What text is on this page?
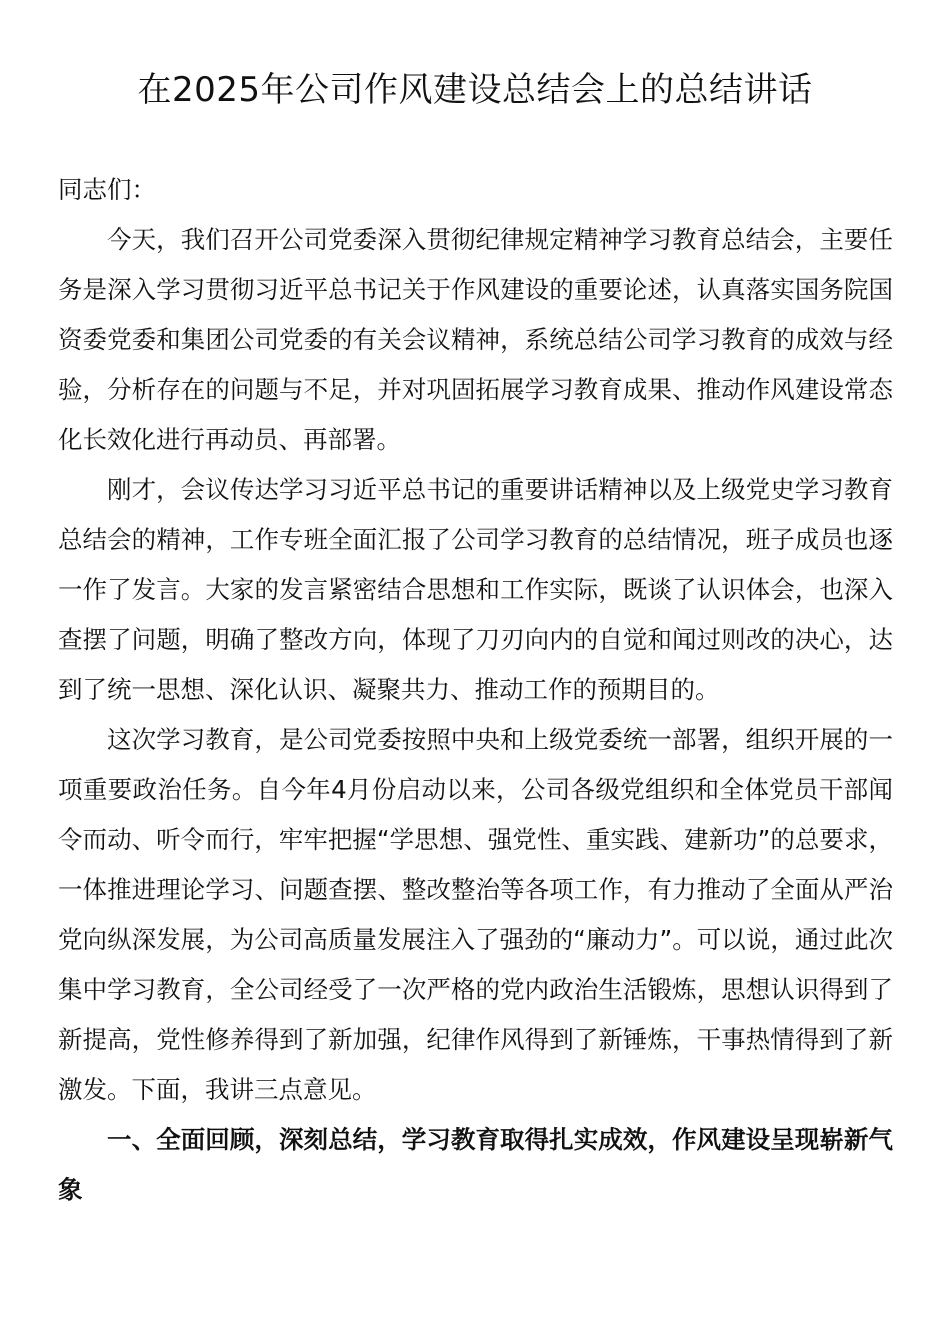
在2025年公司作风建设总结会上的总结讲话

同志们：

今天，我们召开公司党委深入贯彻纪律规定精神学习教育总结会，主要任务是深入学习贯彻习近平总书记关于作风建设的重要论述，认真落实国务院国资委党委和集团公司党委的有关会议精神，系统总结公司学习教育的成效与经验，分析存在的问题与不足，并对巩固拓展学习教育成果、推动作风建设常态化长效化进行再动员、再部署。

刚才，会议传达学习习近平总书记的重要讲话精神以及上级党史学习教育总结会的精神，工作专班全面汇报了公司学习教育的总结情况，班子成员也逐一作了发言。大家的发言紧密结合思想和工作实际，既谈了认识体会，也深入查摆了问题，明确了整改方向，体现了刀刃向内的自觉和闻过则改的决心，达到了统一思想、深化认识、凝聚共力、推动工作的预期目的。

这次学习教育，是公司党委按照中央和上级党委统一部署，组织开展的一项重要政治任务。自今年4月份启动以来，公司各级党组织和全体党员干部闻令而动、听令而行，牢牢把握“学思想、强党性、重实践、建新功”的总要求，一体推进理论学习、问题查摆、整改整治等各项工作，有力推动了全面从严治党向纵深发展，为公司高质量发展注入了强劲的“廉动力”。可以说，通过此次集中学习教育，全公司经受了一次严格的党内政治生活锻炼，思想认识得到了新提高，党性修养得到了新加强，纪律作风得到了新锤炼，干事热情得到了新激发。下面，我讲三点意见。

一、全面回顾，深刻总结，学习教育取得扎实成效，作风建设呈现崭新气象
